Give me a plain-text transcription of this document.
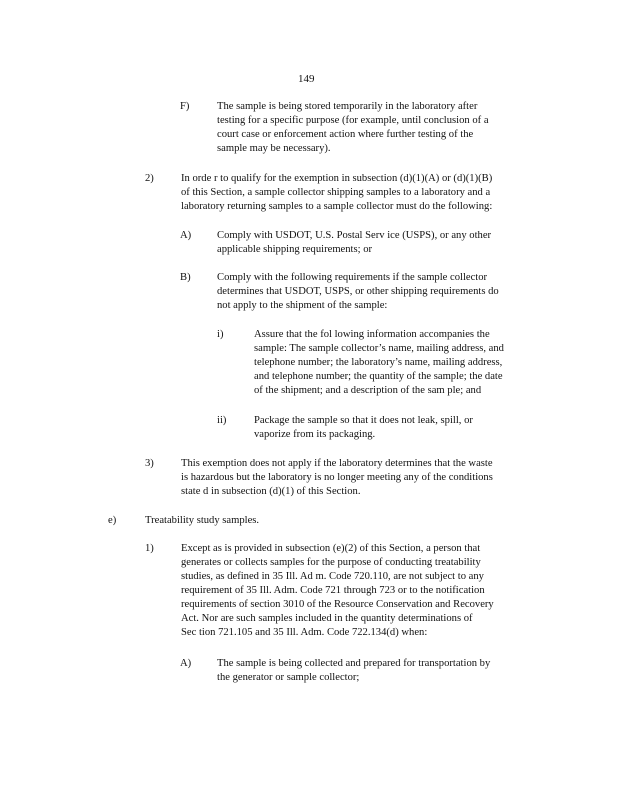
149
F)	The sample is being stored temporarily in the laboratory after
testing for a specific purpose (for example, until conclusion of a
court case or enforcement action where further testing of the
sample may be necessary).
2)	In orde r to qualify for the exemption in subsection (d)(1)(A) or (d)(1)(B)
of this Section, a sample collector shipping samples to a laboratory and a
laboratory returning samples to a sample collector must do the following:
A) Comply with USDOT, U.S. Postal Serv ice (USPS), or any other
applicable shipping requirements; or
B) Comply with the following requirements if the sample collector
determines that USDOT, USPS, or other shipping requirements do
not apply to the shipment of the sample:
i)	Assure that the fol lowing information accompanies the
sample: The sample collector’s name, mailing address, and
telephone number; the laboratory’s name, mailing address,
and telephone number; the quantity of the sample; the date
of the shipment; and a description of the sam ple; and
ii)	Package the sample so that it does not leak, spill, or
vaporize from its packaging.
3)	This exemption does not apply if the laboratory determines that the waste
is hazardous but the laboratory is no longer meeting any of the conditions
state d in subsection (d)(1) of this Section.
e)	Treatability study samples.
1)	Except as is provided in subsection (e)(2) of this Section, a person that
generates or collects samples for the purpose of conducting treatability
studies, as defined in 35 Ill. Ad m. Code 720.110, are not subject to any
requirement of 35 Ill. Adm. Code 721 through 723 or to the notification
requirements of section 3010 of the Resource Conservation and Recovery
Act. Nor are such samples included in the quantity determinations of
Sec tion 721.105 and 35 Ill. Adm. Code 722.134(d) when:
A) The sample is being collected and prepared for transportation by
the generator or sample collector;
